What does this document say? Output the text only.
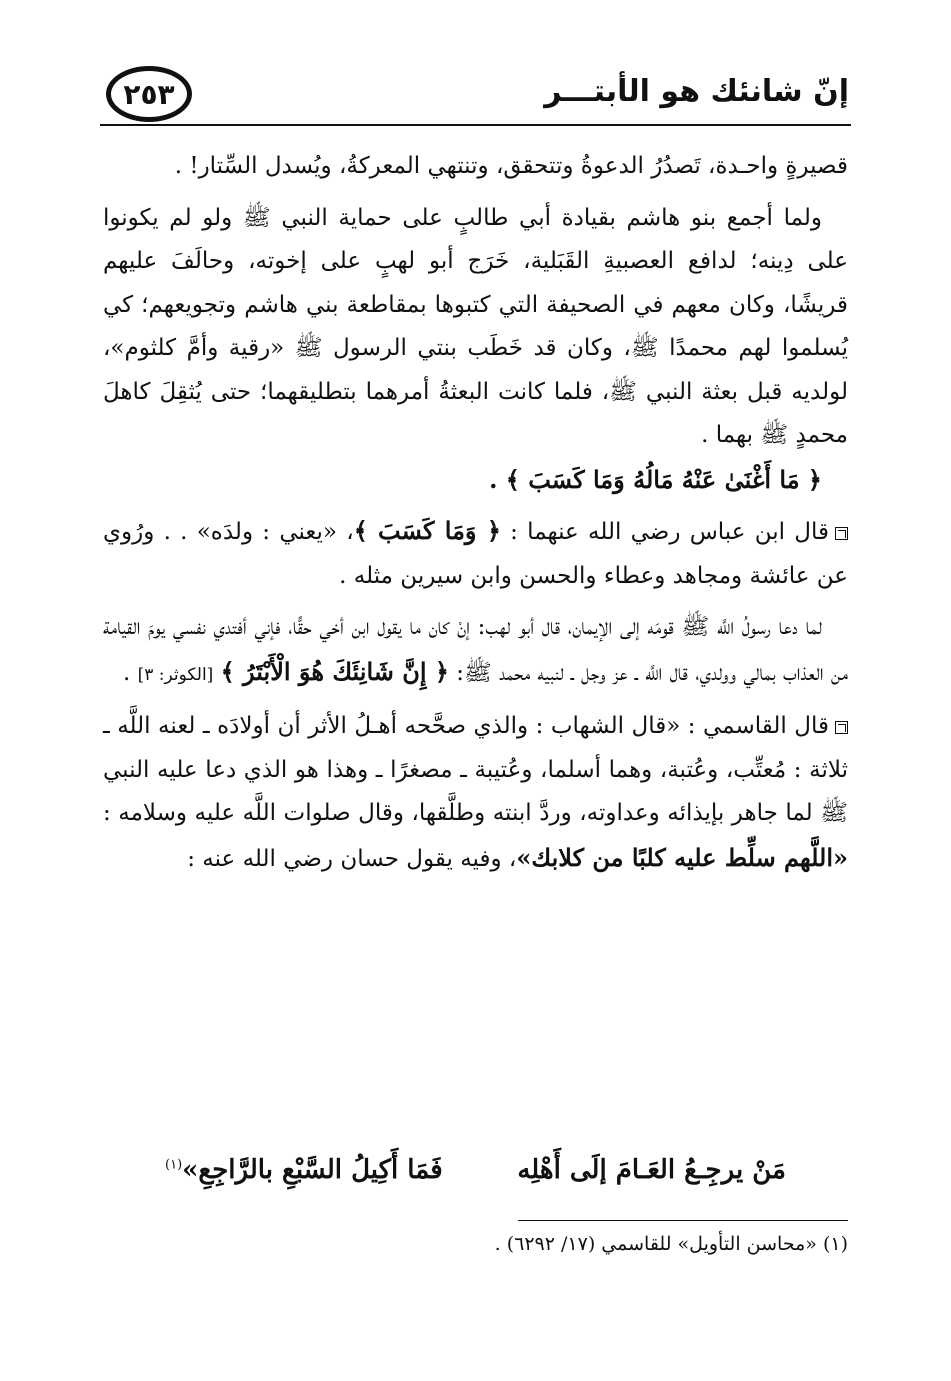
إنّ شانئك هو الأبتـــر
٢٥٣

قصيرةٍ واحـدة، تَصدُرُ الدعوةُ وتتحقق، وتنتهي المعركةُ، ويُسدل السِّتار! .

ولما أجمع بنو هاشم بقيادة أبي طالبٍ على حماية النبي ﷺ ولو لم يكونوا على دِينه؛ لدافع العصبيةِ القَبَلية، خَرَج أبو لهبٍ على إخوته، وحالَفَ عليهم قريشًا، وكان معهم في الصحيفة التي كتبوها بمقاطعة بني هاشم وتجويعهم؛ كي يُسلموا لهم محمدًا ﷺ، وكان قد خَطَب بنتي الرسول ﷺ «رقية وأمَّ كلثوم»، لولديه قبل بعثة النبي ﷺ، فلما كانت البعثةُ أمرهما بتطليقهما؛ حتى يُثقِلَ كاهلَ محمدٍ ﷺ بهما .

﴿ مَا أَغْنَىٰ عَنْهُ مَالُهُ وَمَا كَسَبَ ﴾ .

قال ابن عباس رضي الله عنهما : ﴿ وَمَا كَسَبَ ﴾، «يعني : ولدَه» . . ورُوي عن عائشة ومجاهد وعطاء والحسن وابن سيرين مثله .

لما دعا رسولُ اللَّه ﷺ قومَه إلى الإيمان، قال أبو لهب: إنْ كان ما يقول ابن أخي حقًّا، فإني أفتدي نفسي يومَ القيامة من العذاب بمالي وولدي، قال اللَّه ـ عز وجل ـ لنبيه محمد ﷺ: ﴿ إِنَّ شَانِئَكَ هُوَ الْأَبْتَرُ ﴾ [الكوثر: ٣] .

قال القاسمي : «قال الشهاب : والذي صحَّحه أهـلُ الأثر أن أولادَه ـ لعنه اللَّه ـ ثلاثة : مُعتِّب، وعُتبة، وهما أسلما، وعُتيبة ـ مصغرًا ـ وهذا هو الذي دعا عليه النبي ﷺ لما جاهر بإيذائه وعداوته، وردَّ ابنته وطلَّقها، وقال صلوات اللَّه عليه وسلامه : «اللَّهم سلِّط عليه كلبًا من كلابك»، وفيه يقول حسان رضي الله عنه :

مَنْ يرجِـعُ العَـامَ إلَى أَهْلِه
فَمَا أَكِيلُ السَّبْعِ بالرَّاجِعِ»$^{(١)}$
(١) «محاسن التأويل» للقاسمي (١٧/ ٦٢٩٢) .
